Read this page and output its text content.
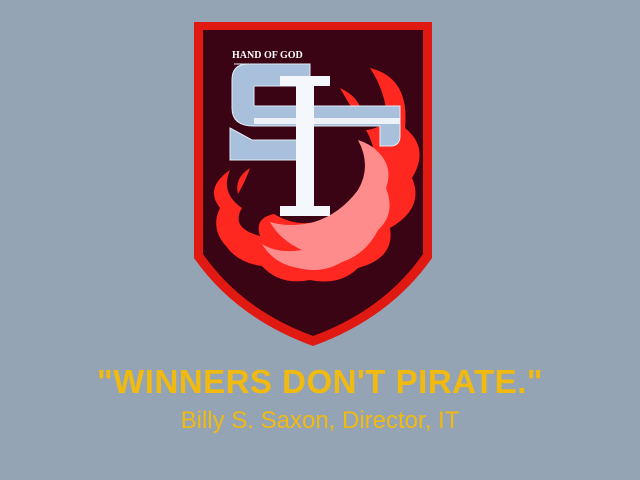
HAND OF GOD
"WINNERS DON'T PIRATE."
Billy S. Saxon, Director, IT
